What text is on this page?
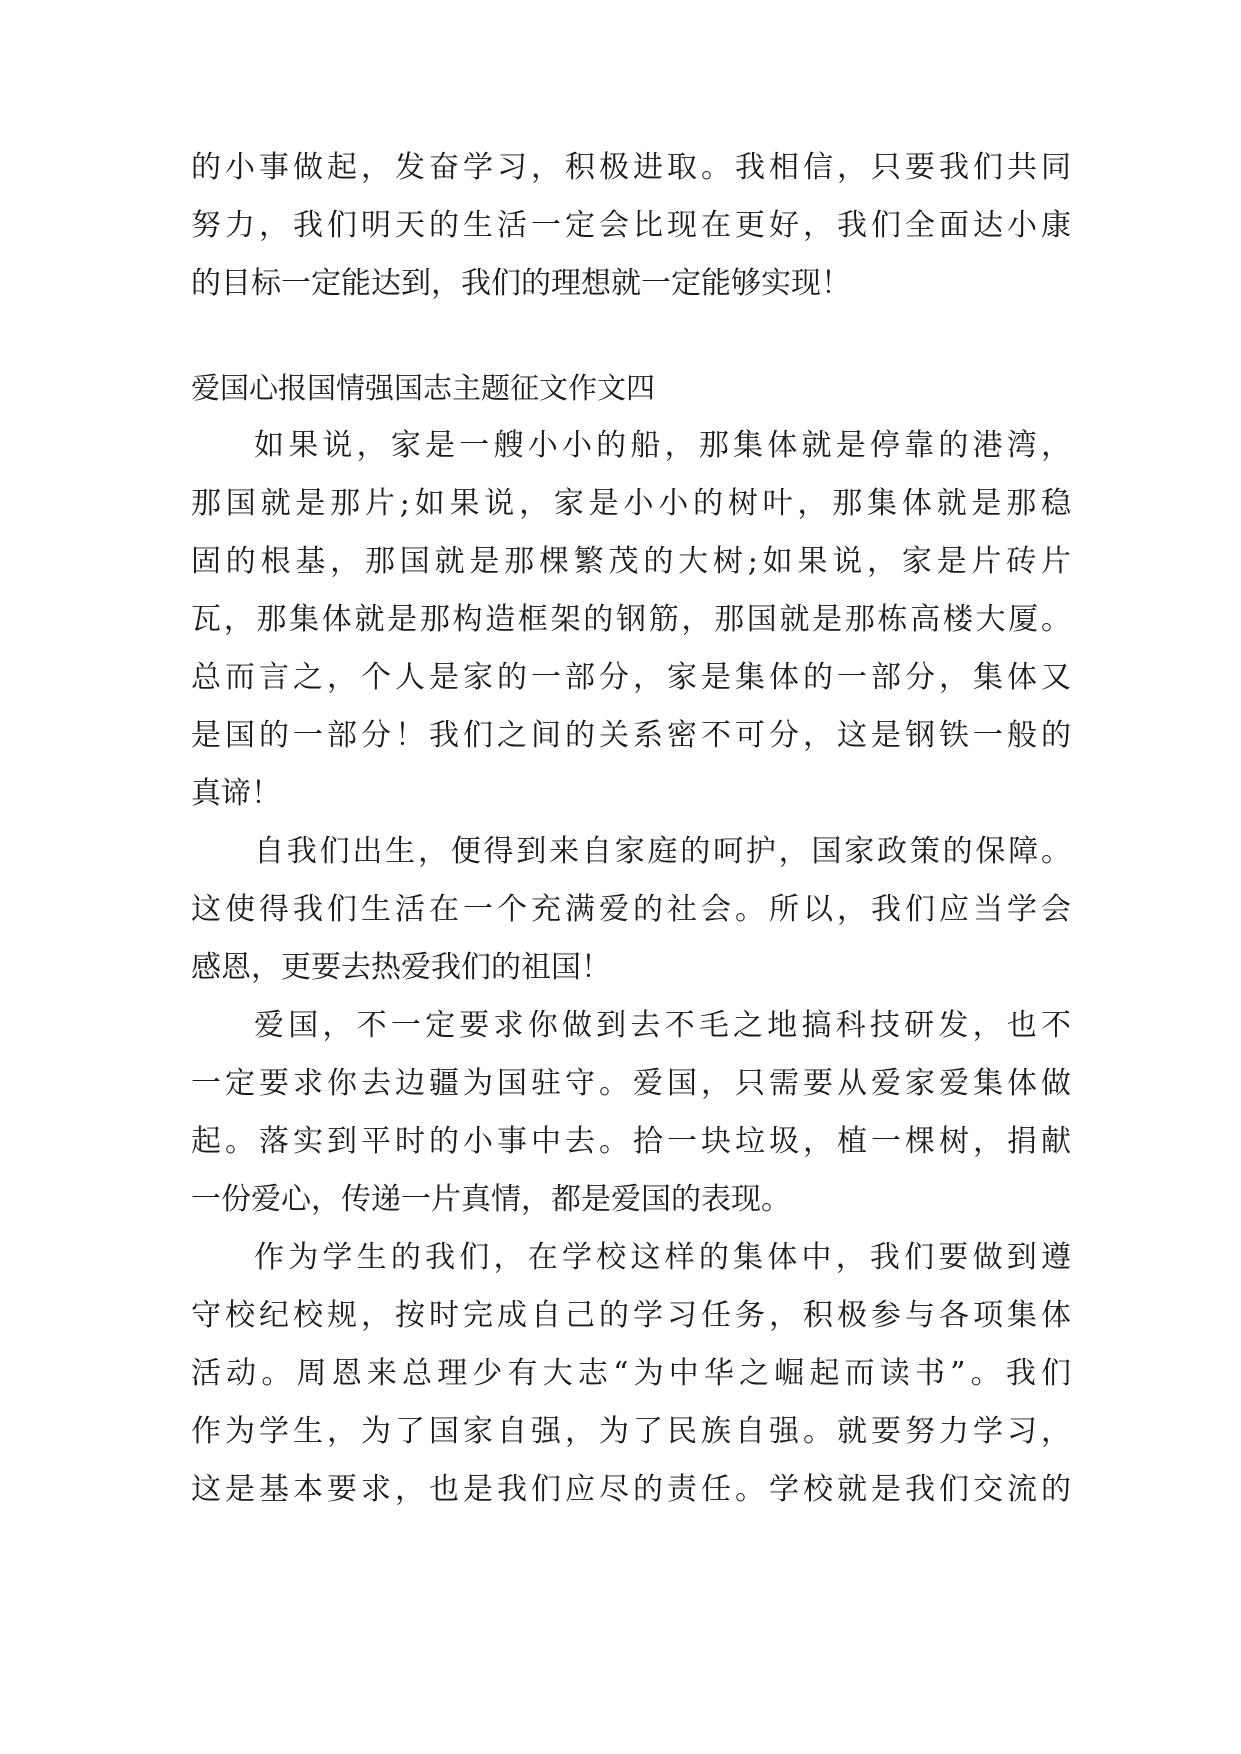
的小事做起，发奋学习，积极进取。我相信，只要我们共同
努力，我们明天的生活一定会比现在更好，我们全面达小康
的目标一定能达到，我们的理想就一定能够实现！
爱国心报国情强国志主题征文作文四
如果说，家是一艘小小的船，那集体就是停靠的港湾，
那国就是那片;如果说，家是小小的树叶，那集体就是那稳
固的根基，那国就是那棵繁茂的大树;如果说，家是片砖片
瓦，那集体就是那构造框架的钢筋，那国就是那栋高楼大厦。
总而言之，个人是家的一部分，家是集体的一部分，集体又
是国的一部分！我们之间的关系密不可分，这是钢铁一般的
真谛！
自我们出生，便得到来自家庭的呵护，国家政策的保障。
这使得我们生活在一个充满爱的社会。所以，我们应当学会
感恩，更要去热爱我们的祖国！
爱国，不一定要求你做到去不毛之地搞科技研发，也不
一定要求你去边疆为国驻守。爱国，只需要从爱家爱集体做
起。落实到平时的小事中去。拾一块垃圾，植一棵树，捐献
一份爱心，传递一片真情，都是爱国的表现。
作为学生的我们，在学校这样的集体中，我们要做到遵
守校纪校规，按时完成自己的学习任务，积极参与各项集体
活动。周恩来总理少有大志“为中华之崛起而读书”。我们
作为学生，为了国家自强，为了民族自强。就要努力学习，
这是基本要求，也是我们应尽的责任。学校就是我们交流的
